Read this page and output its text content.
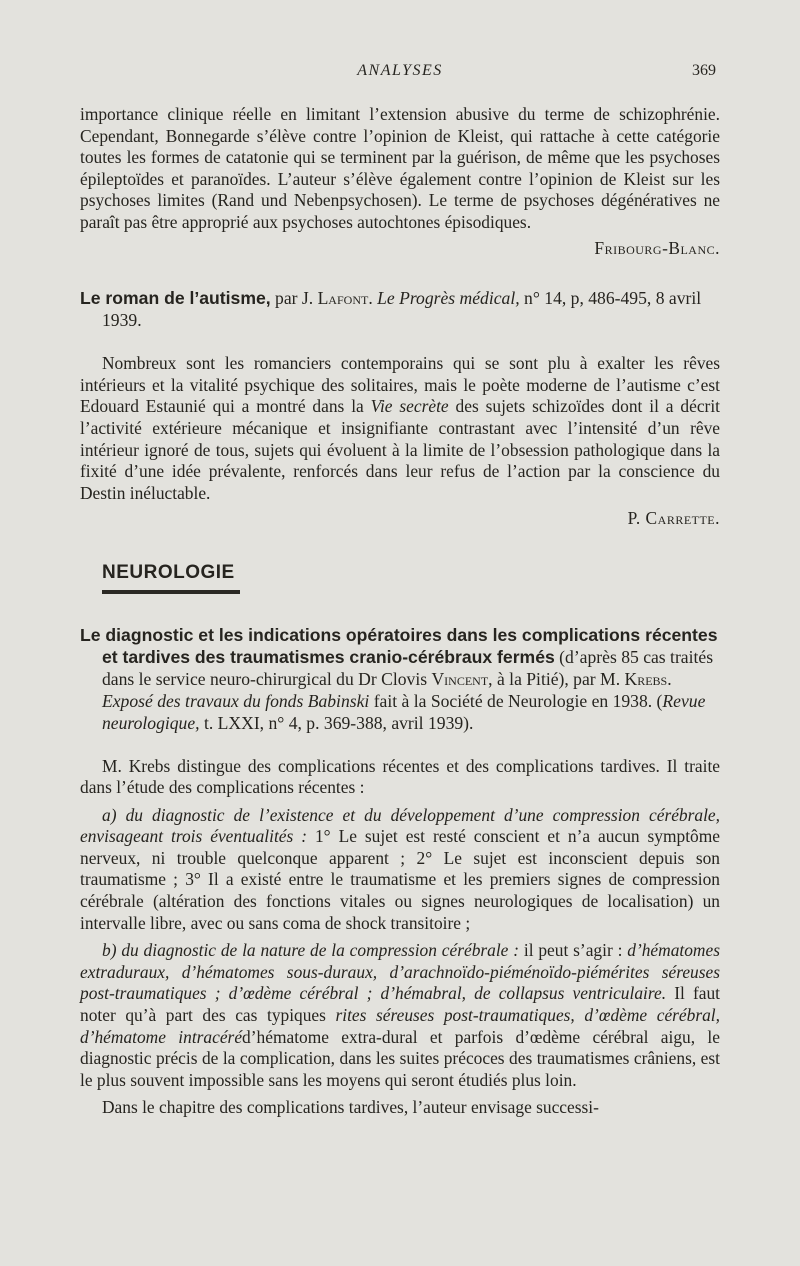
ANALYSES	369

importance clinique réelle en limitant l’extension abusive du terme de schizophrénie. Cependant, Bonnegarde s’élève contre l’opinion de Kleist, qui rattache à cette catégorie toutes les formes de catatonie qui se terminent par la guérison, de même que les psychoses épileptoïdes et paranoïdes. L’auteur s’élève également contre l’opinion de Kleist sur les psychoses limites (Rand und Nebenpsychosen). Le terme de psychoses dégénératives ne paraît pas être approprié aux psychoses autochtones épisodiques.

Fribourg-Blanc.

Le roman de l’autisme, par J. Lafont. Le Progrès médical, n° 14, p, 486-495, 8 avril 1939.

Nombreux sont les romanciers contemporains qui se sont plu à exalter les rêves intérieurs et la vitalité psychique des solitaires, mais le poète moderne de l’autisme c’est Edouard Estaunié qui a montré dans la Vie secrète des sujets schizoïdes dont il a décrit l’activité extérieure mécanique et insignifiante contrastant avec l’intensité d’un rêve intérieur ignoré de tous, sujets qui évoluent à la limite de l’obsession pathologique dans la fixité d’une idée prévalente, renforcés dans leur refus de l’action par la conscience du Destin inéluctable.

P. Carrette.

NEUROLOGIE

Le diagnostic et les indications opératoires dans les complications récentes et tardives des traumatismes cranio-cérébraux fermés (d’après 85 cas traités dans le service neuro-chirurgical du Dr Clovis Vincent, à la Pitié), par M. Krebs. Exposé des travaux du fonds Babinski fait à la Société de Neurologie en 1938. (Revue neurologique, t. LXXI, n° 4, p. 369-388, avril 1939).

M. Krebs distingue des complications récentes et des complications tardives. Il traite dans l’étude des complications récentes :

a) du diagnostic de l’existence et du développement d’une compression cérébrale, envisageant trois éventualités : 1° Le sujet est resté conscient et n’a aucun symptôme nerveux, ni trouble quelconque apparent ; 2° Le sujet est inconscient depuis son traumatisme ; 3° Il a existé entre le traumatisme et les premiers signes de compression cérébrale (altération des fonctions vitales ou signes neurologiques de localisation) un intervalle libre, avec ou sans coma de shock transitoire ;

b) du diagnostic de la nature de la compression cérébrale : il peut s’agir : d’hématomes extraduraux, d’hématomes sous-duraux, d’arachnoïdo-piéménoïdo-piémérites séreuses post-traumatiques ; d’œdème cérébral ; d’hémabral, de collapsus ventriculaire. Il faut noter qu’à part des cas typiques rites séreuses post-traumatiques, d’œdème cérébral, d’hématome intracéréd’hématome extra-dural et parfois d’œdème cérébral aigu, le diagnostic précis de la complication, dans les suites précoces des traumatismes crâniens, est le plus souvent impossible sans les moyens qui seront étudiés plus loin.

Dans le chapitre des complications tardives, l’auteur envisage successi-
